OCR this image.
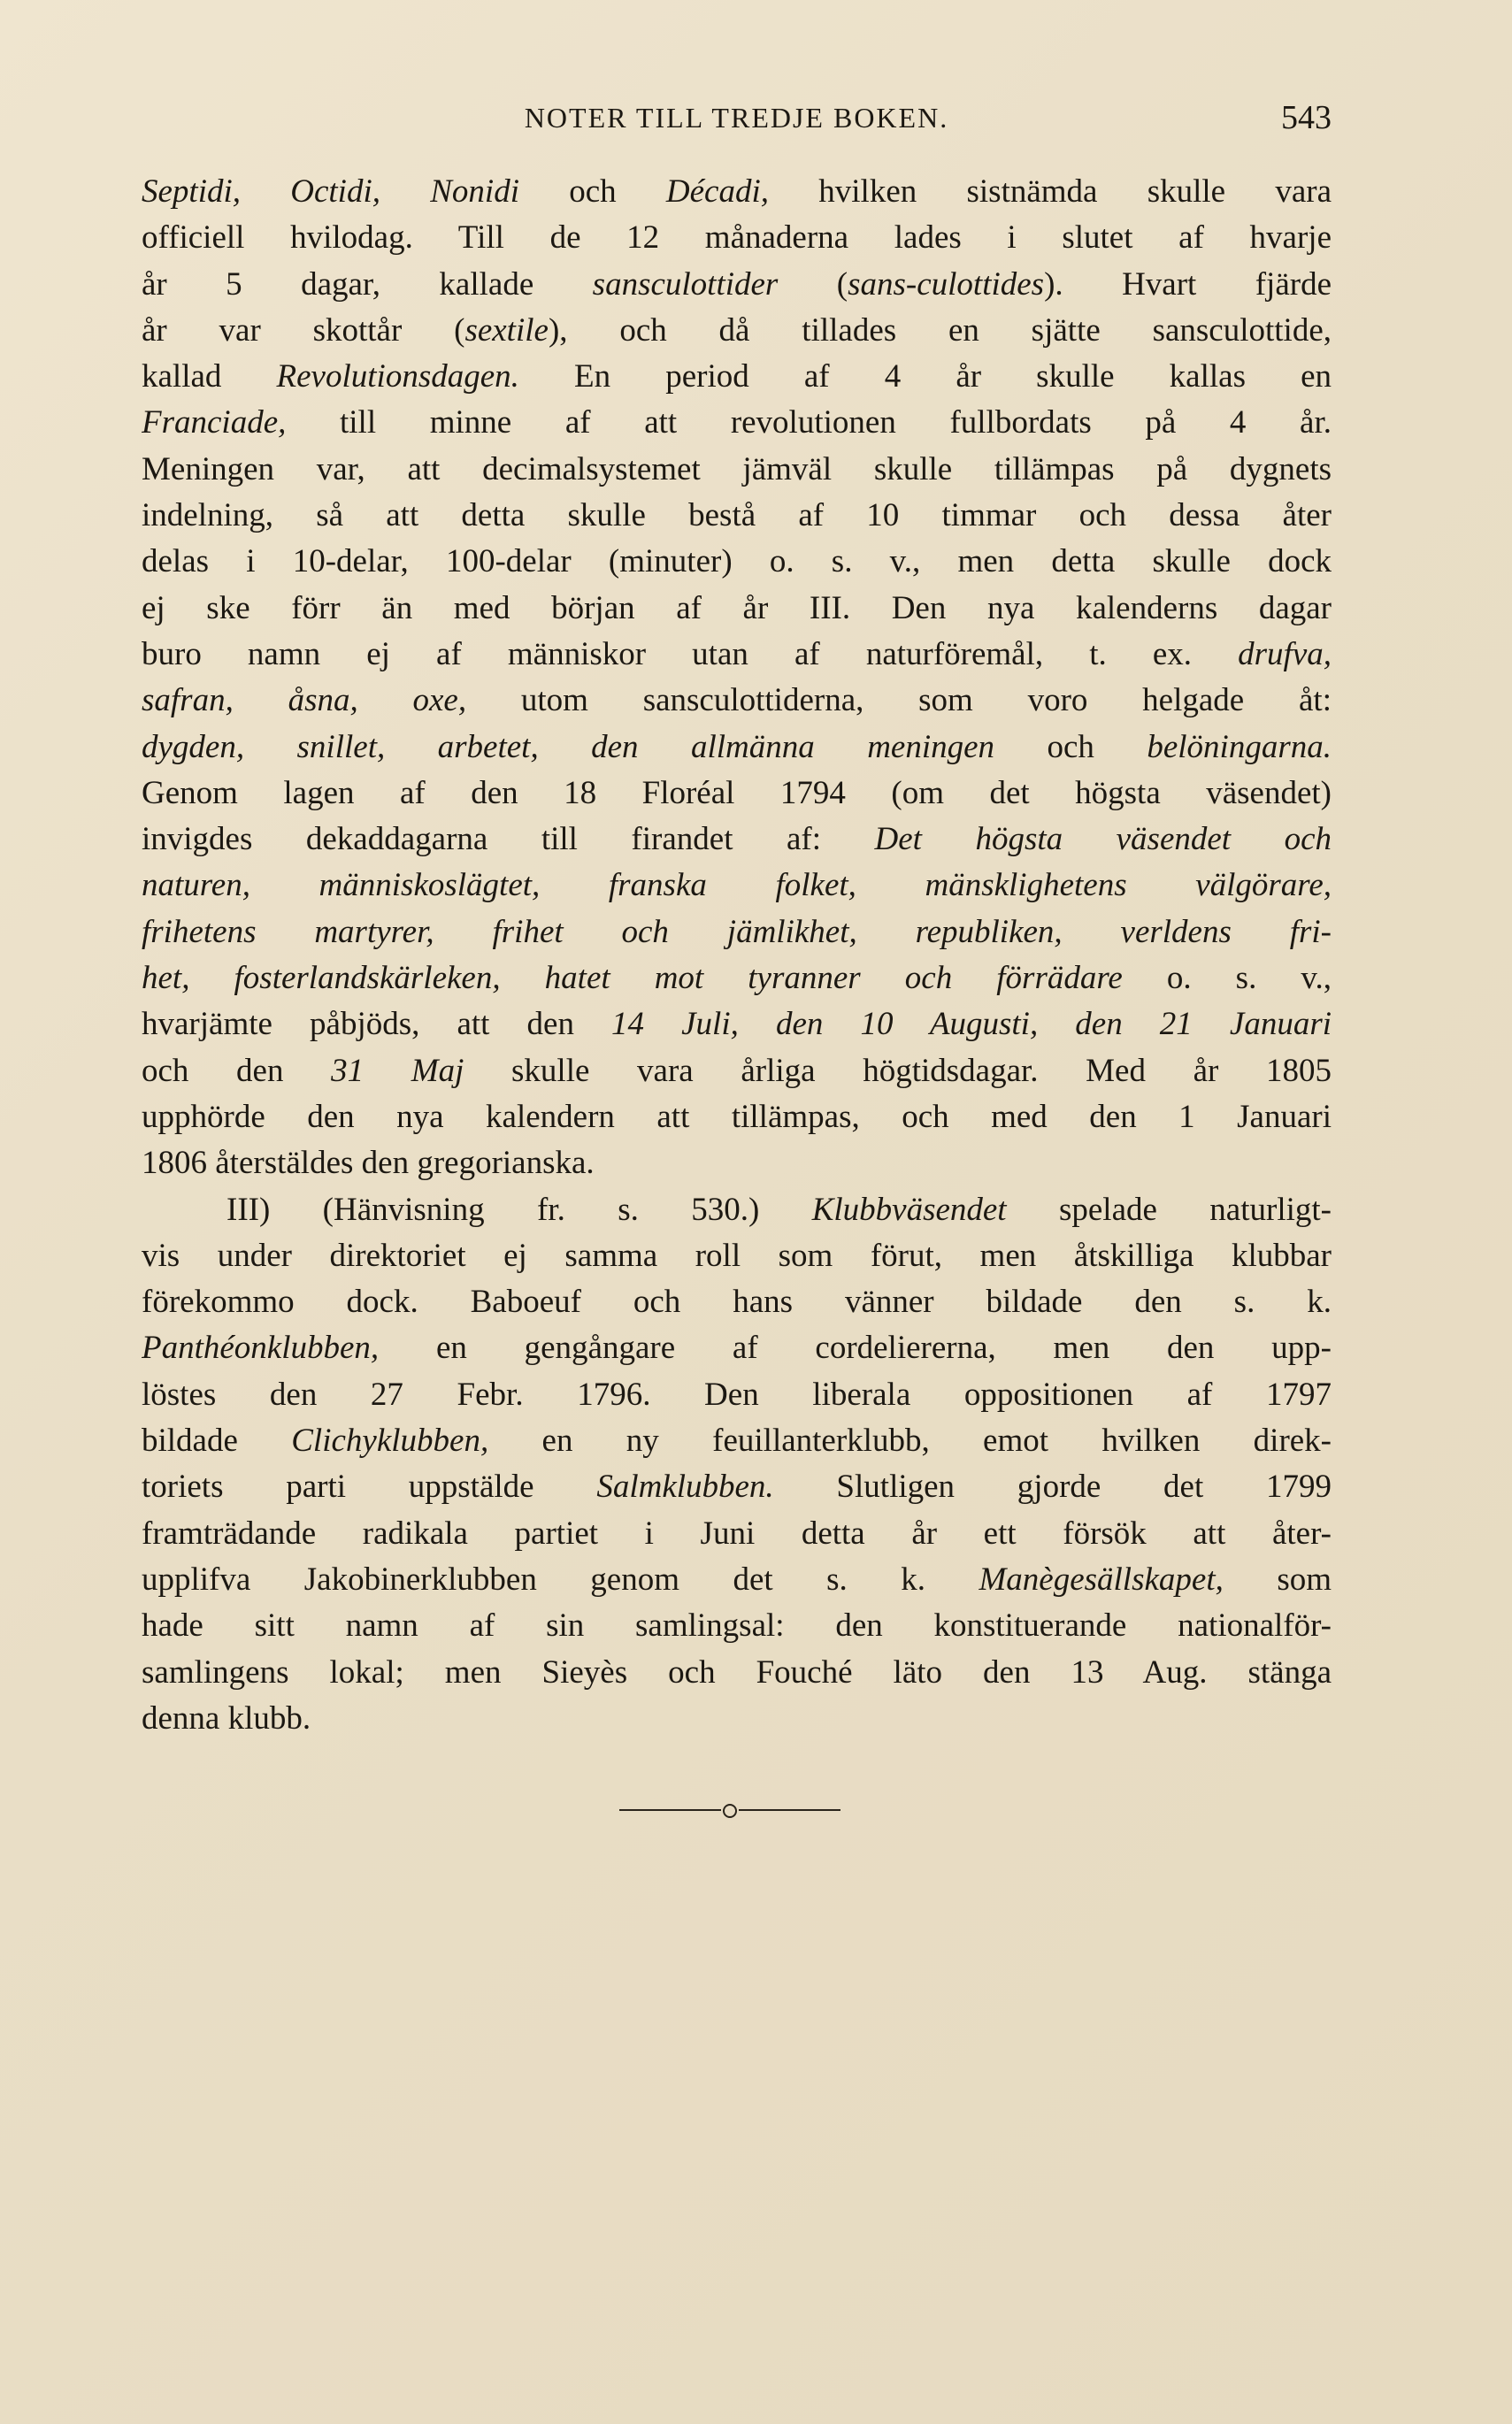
NOTER TILL TREDJE BOKEN.	543
Septidi, Octidi, Nonidi och Décadi, hvilken sistnämda skulle vara
officiell hvilodag. Till de 12 månaderna lades i slutet af hvarje
år 5 dagar, kallade sansculottider (sans-culottides). Hvart fjärde
år var skottår (sextile), och då tillades en sjätte sansculottide,
kallad Revolutionsdagen. En period af 4 år skulle kallas en
Franciade, till minne af att revolutionen fullbordats på 4 år.
Meningen var, att decimalsystemet jämväl skulle tillämpas på dygnets
indelning, så att detta skulle bestå af 10 timmar och dessa åter
delas i 10-delar, 100-delar (minuter) o. s. v., men detta skulle dock
ej ske förr än med början af år III. Den nya kalenderns dagar
buro namn ej af människor utan af naturföremål, t. ex. drufva,
safran, åsna, oxe, utom sansculottiderna, som voro helgade åt:
dygden, snillet, arbetet, den allmänna meningen och belöningarna.
Genom lagen af den 18 Floréal 1794 (om det högsta väsendet)
invigdes dekaddagarna till firandet af: Det högsta väsendet och
naturen, människoslägtet, franska folket, mänsklighetens välgörare,
frihetens martyrer, frihet och jämlikhet, republiken, verldens fri-
het, fosterlandskärleken, hatet mot tyranner och förrädare o. s. v.,
hvarjämte påbjöds, att den 14 Juli, den 10 Augusti, den 21 Januari
och den 31 Maj skulle vara årliga högtidsdagar. Med år 1805
upphörde den nya kalendern att tillämpas, och med den 1 Januari
1806 återstäldes den gregorianska.
III) (Hänvisning fr. s. 530.) Klubbväsendet spelade naturligt-
vis under direktoriet ej samma roll som förut, men åtskilliga klubbar
förekommo dock. Baboeuf och hans vänner bildade den s. k.
Panthéonklubben, en gengångare af cordeliererna, men den upp-
löstes den 27 Febr. 1796. Den liberala oppositionen af 1797
bildade Clichyklubben, en ny feuillanterklubb, emot hvilken direk-
toriets parti uppstälde Salmklubben. Slutligen gjorde det 1799
framträdande radikala partiet i Juni detta år ett försök att åter-
upplifva Jakobinerklubben genom det s. k. Manègesällskapet, som
hade sitt namn af sin samlingsal: den konstituerande nationalför-
samlingens lokal; men Sieyès och Fouché läto den 13 Aug. stänga
denna klubb.
